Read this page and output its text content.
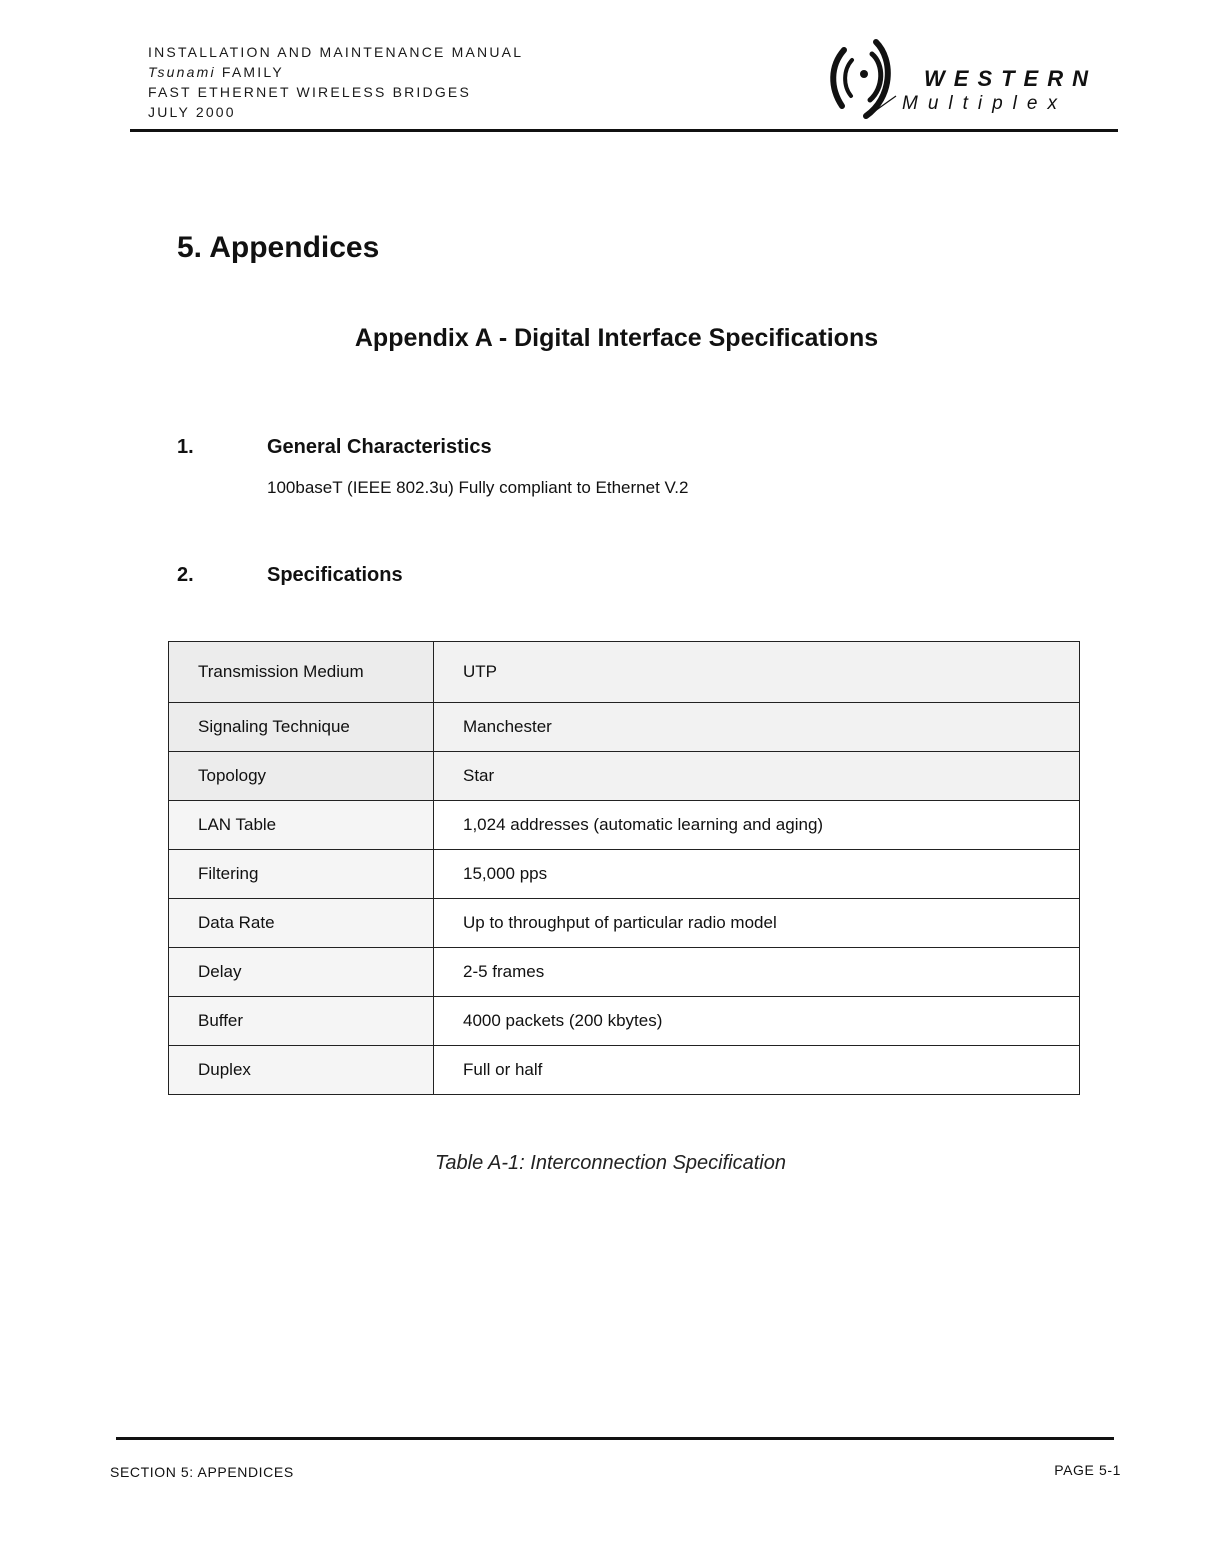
INSTALLATION AND MAINTENANCE MANUAL
Tsunami FAMILY
FAST ETHERNET WIRELESS BRIDGES
JULY 2000
WESTERN
Multiplex
5. Appendices
Appendix A - Digital Interface Specifications
1.	General Characteristics
100baseT (IEEE 802.3u) Fully compliant to Ethernet V.2
2.	Specifications
Transmission Medium	UTP
Signaling Technique	Manchester
Topology	Star
LAN Table	1,024 addresses (automatic learning and aging)
Filtering	15,000 pps
Data Rate	Up to throughput of particular radio model
Delay	2-5 frames
Buffer	4000 packets (200 kbytes)
Duplex	Full or half
Table A-1: Interconnection Specification
SECTION 5: APPENDICES	PAGE 5-1
